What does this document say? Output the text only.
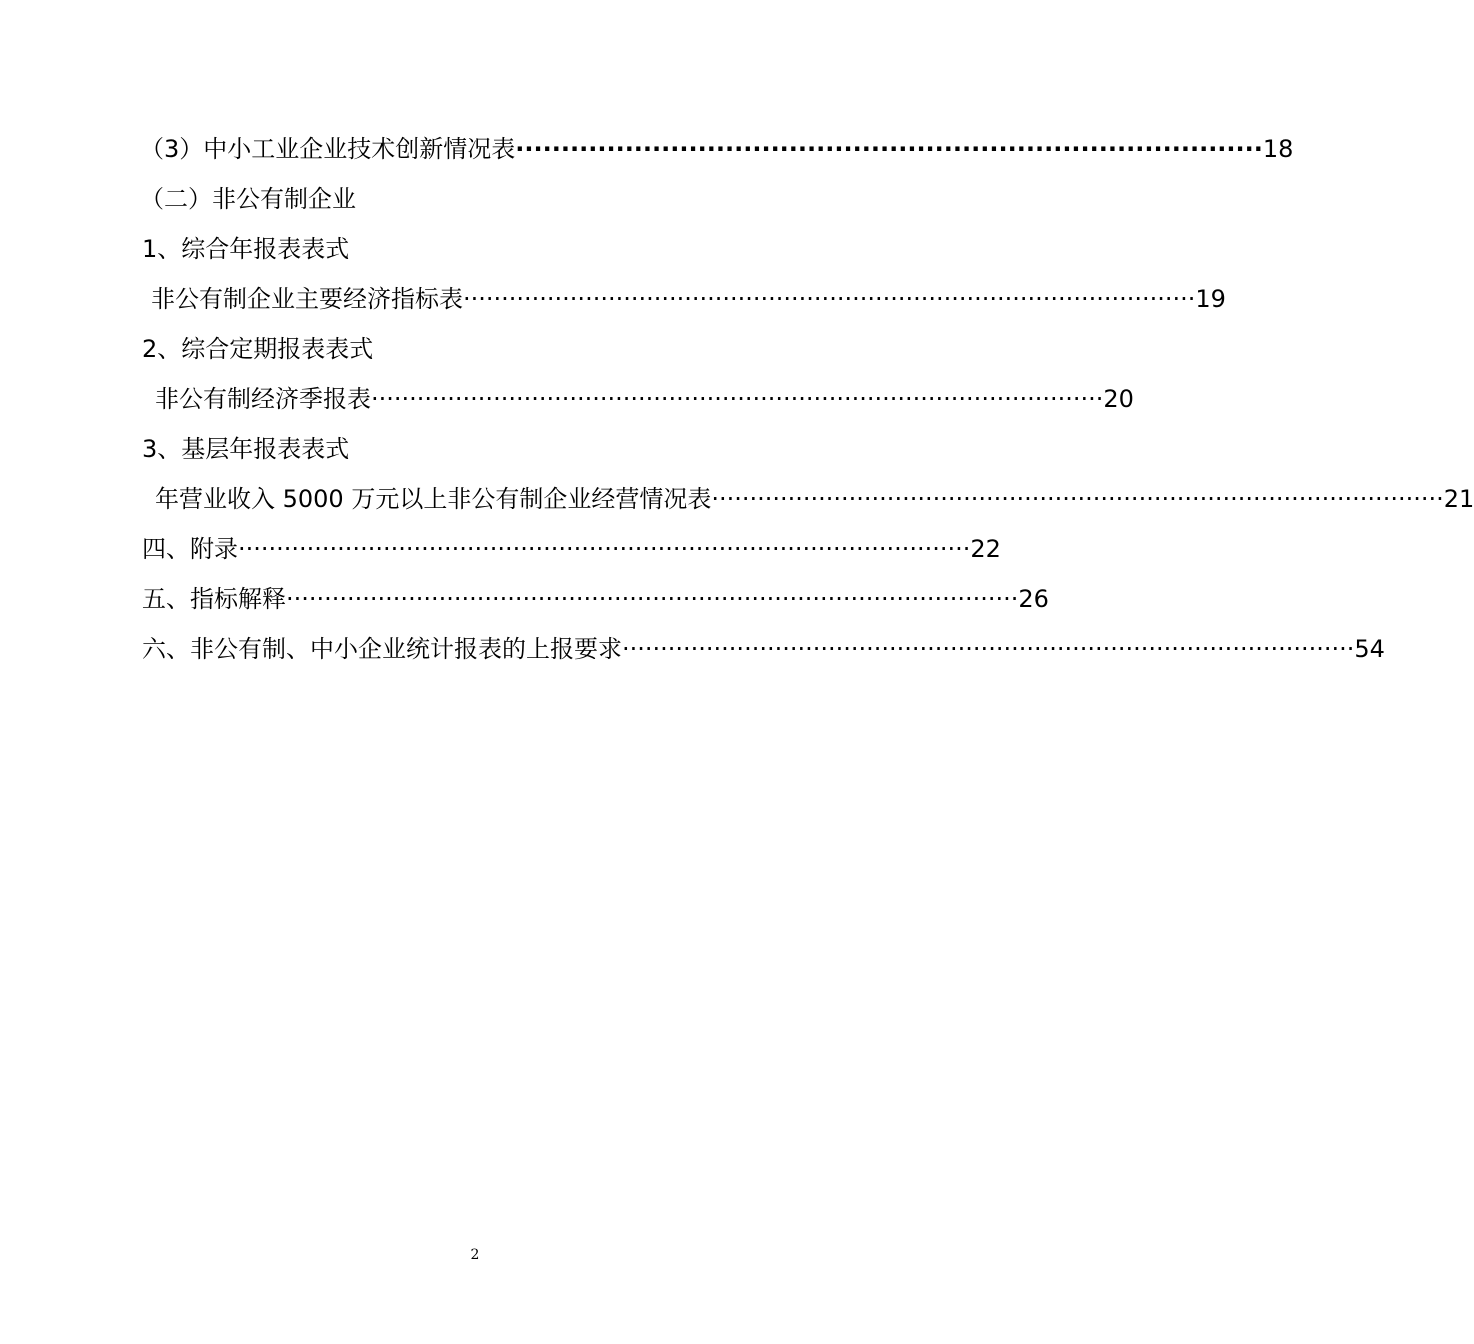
（3）中小工业企业技术创新情况表 ·················································································· 18
（二）非公有制企业
1、综合年报表表式
非公有制企业主要经济指标表 ································································································ 19
2、综合定期报表表式
非公有制经济季报表 ································································································ 20
3、基层年报表表式
年营业收入 5000 万元以上非公有制企业经营情况表 ································································································ 21
四、附录 ································································································ 22
五、指标解释 ································································································ 26
六、非公有制、中小企业统计报表的上报要求 ································································································ 54
2
